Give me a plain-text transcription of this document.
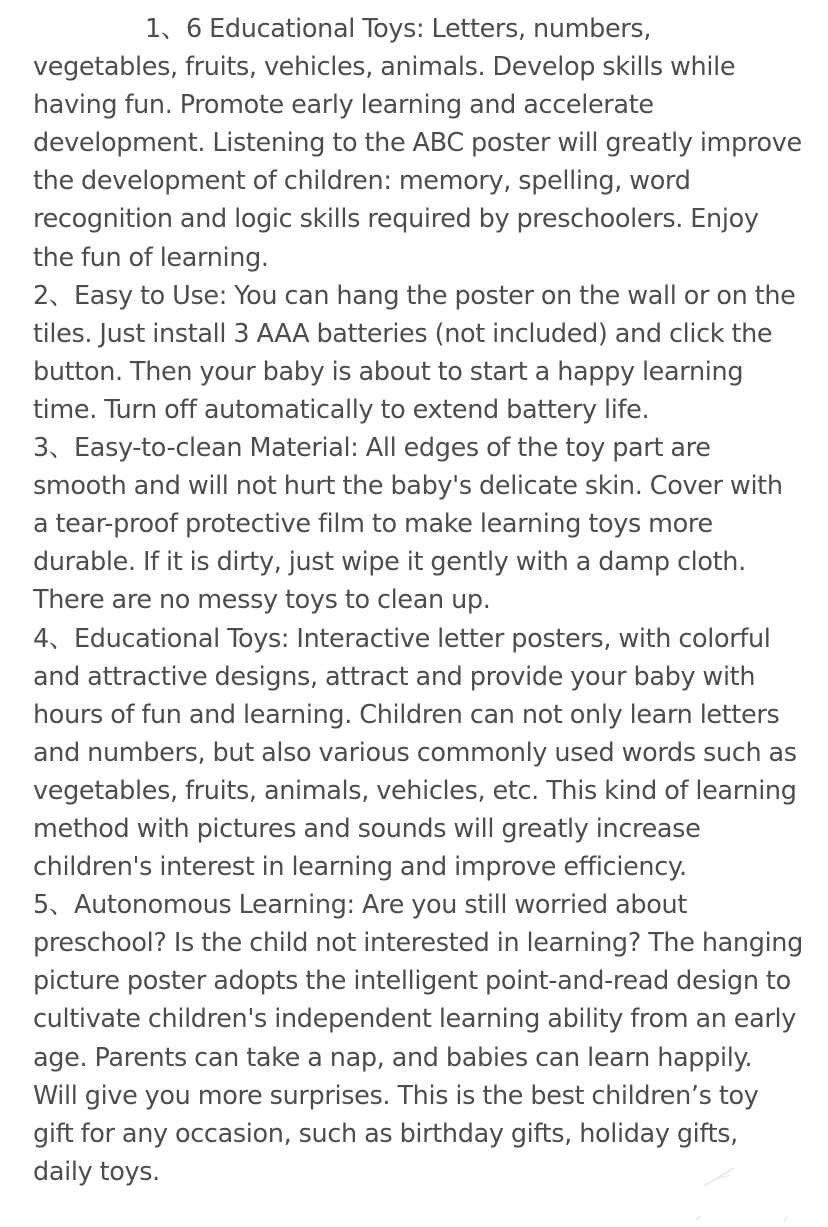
1、6 Educational Toys: Letters, numbers, vegetables, fruits, vehicles, animals. Develop skills while having fun. Promote early learning and accelerate development. Listening to the ABC poster will greatly improve the development of children: memory, spelling, word recognition and logic skills required by preschoolers. Enjoy the fun of learning.

2、Easy to Use: You can hang the poster on the wall or on the tiles. Just install 3 AAA batteries (not included) and click the button. Then your baby is about to start a happy learning time. Turn off automatically to extend battery life.

3、Easy-to-clean Material: All edges of the toy part are smooth and will not hurt the baby's delicate skin. Cover with a tear-proof protective film to make learning toys more durable. If it is dirty, just wipe it gently with a damp cloth. There are no messy toys to clean up.

4、Educational Toys: Interactive letter posters, with colorful and attractive designs, attract and provide your baby with hours of fun and learning. Children can not only learn letters and numbers, but also various commonly used words such as vegetables, fruits, animals, vehicles, etc. This kind of learning method with pictures and sounds will greatly increase children's interest in learning and improve efficiency.

5、Autonomous Learning: Are you still worried about preschool? Is the child not interested in learning? The hanging picture poster adopts the intelligent point-and-read design to cultivate children's independent learning ability from an early age. Parents can take a nap, and babies can learn happily. Will give you more surprises. This is the best children’s toy gift for any occasion, such as birthday gifts, holiday gifts, daily toys.
